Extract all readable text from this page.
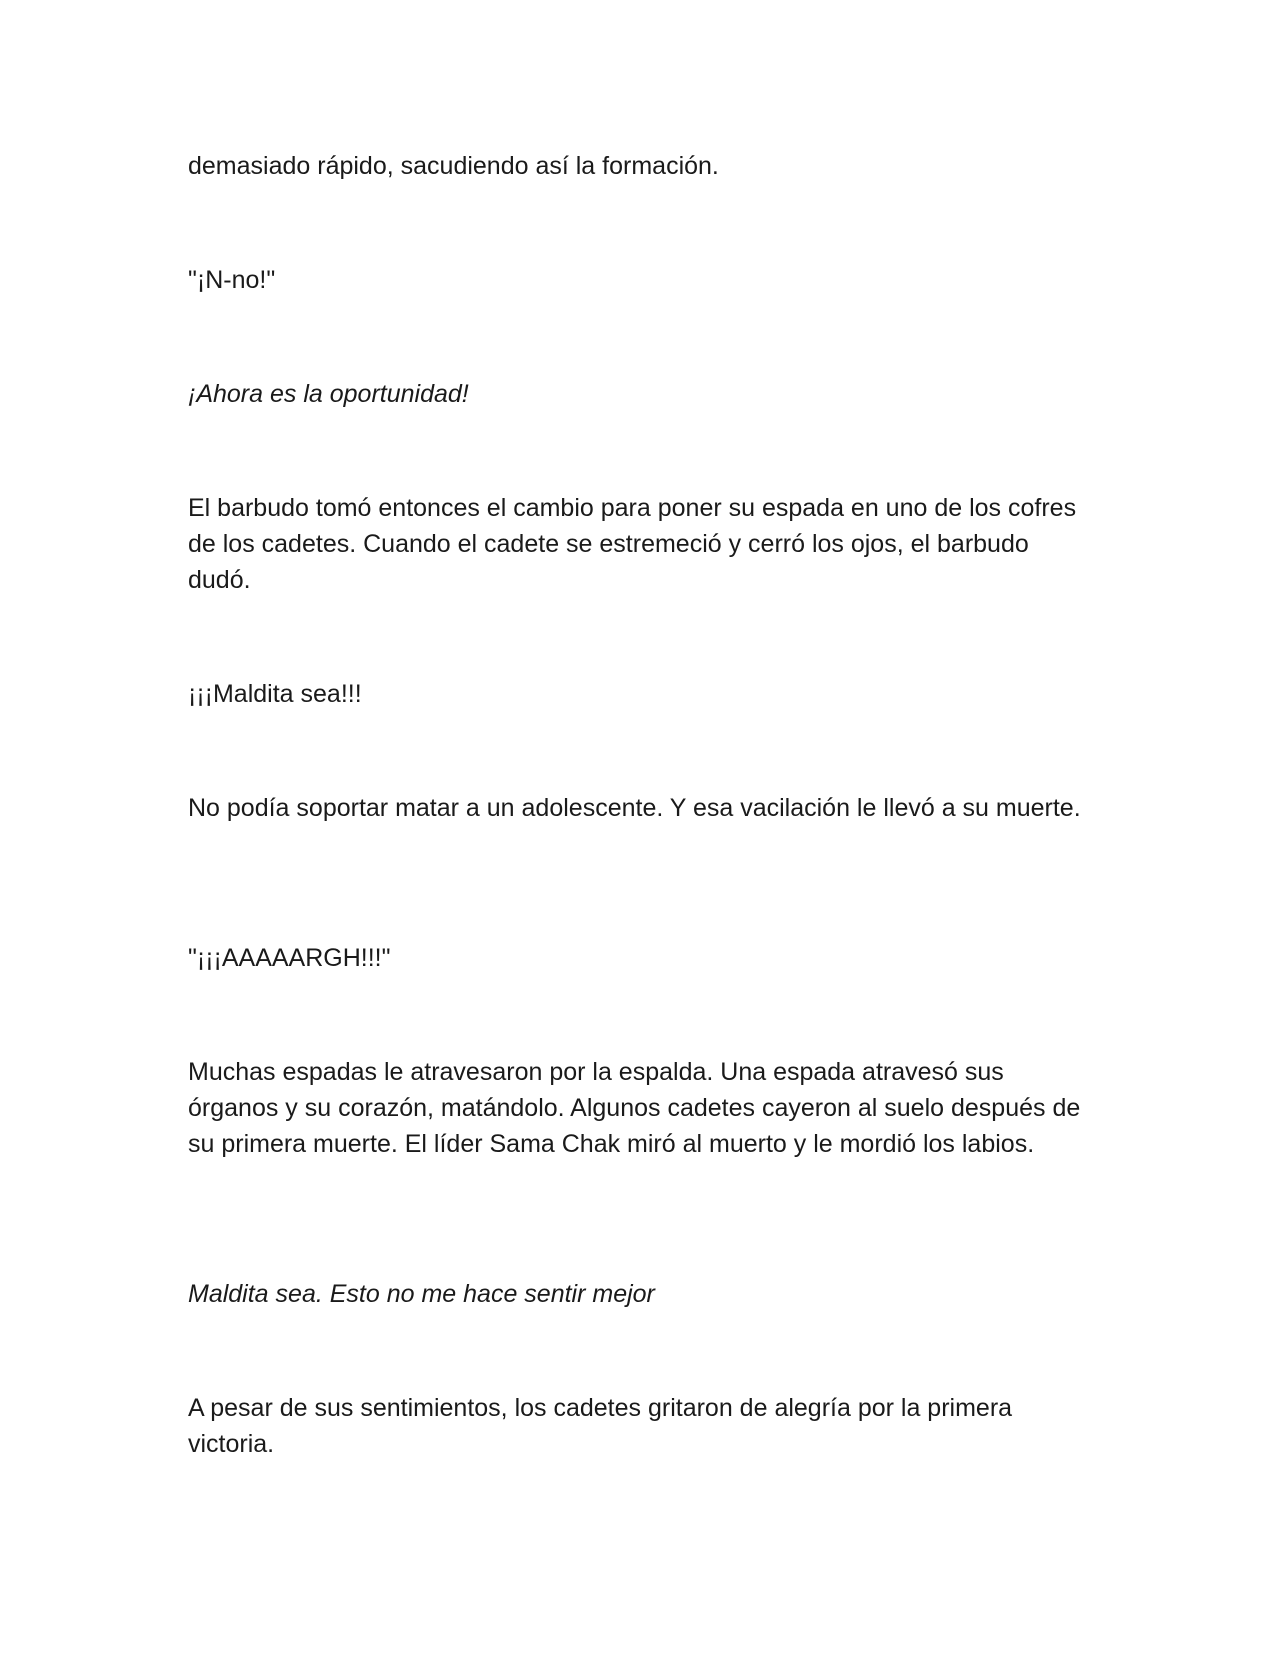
demasiado rápido, sacudiendo así la formación.

"¡N-no!"

¡Ahora es la oportunidad!

El barbudo tomó entonces el cambio para poner su espada en uno de los cofres de los cadetes. Cuando el cadete se estremeció y cerró los ojos, el barbudo dudó.

¡¡¡Maldita sea!!!

No podía soportar matar a un adolescente. Y esa vacilación le llevó a su muerte.

"¡¡¡AAAAARGH!!!"

Muchas espadas le atravesaron por la espalda. Una espada atravesó sus órganos y su corazón, matándolo. Algunos cadetes cayeron al suelo después de su primera muerte. El líder Sama Chak miró al muerto y le mordió los labios.

Maldita sea. Esto no me hace sentir mejor

A pesar de sus sentimientos, los cadetes gritaron de alegría por la primera victoria.
